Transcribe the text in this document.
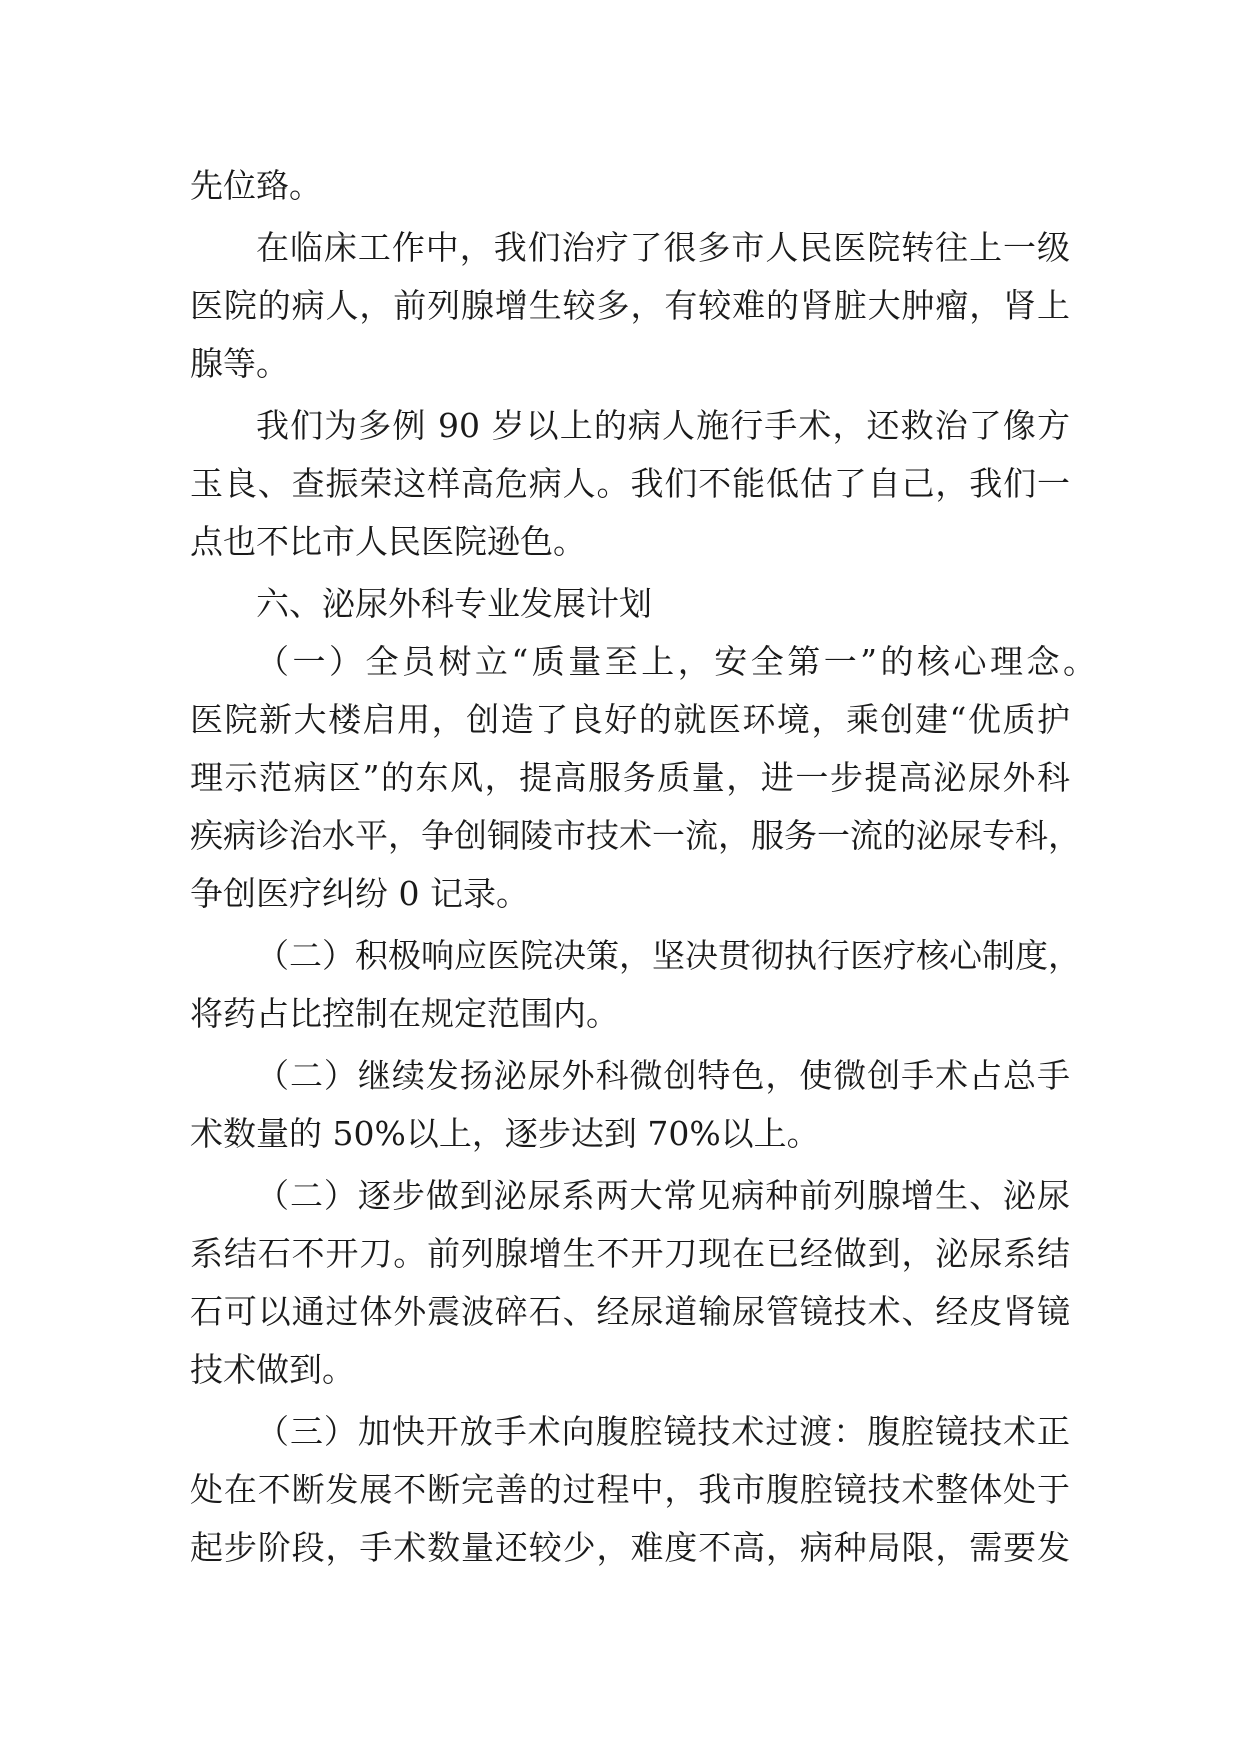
先位臵。
在临床工作中，我们治疗了很多市人民医院转往上一级
医院的病人，前列腺增生较多，有较难的肾脏大肿瘤，肾上
腺等。
我们为多例 90 岁以上的病人施行手术，还救治了像方
玉良、查振荣这样高危病人。我们不能低估了自己，我们一
点也不比市人民医院逊色。
六、泌尿外科专业发展计划
（一）全员树立“质量至上，安全第一”的核心理念。
医院新大楼启用，创造了良好的就医环境，乘创建“优质护
理示范病区”的东风，提高服务质量，进一步提高泌尿外科
疾病诊治水平，争创铜陵市技术一流，服务一流的泌尿专科，
争创医疗纠纷 0 记录。
（二）积极响应医院决策，坚决贯彻执行医疗核心制度，
将药占比控制在规定范围内。
（二）继续发扬泌尿外科微创特色，使微创手术占总手
术数量的 50%以上，逐步达到 70%以上。
（二）逐步做到泌尿系两大常见病种前列腺增生、泌尿
系结石不开刀。前列腺增生不开刀现在已经做到，泌尿系结
石可以通过体外震波碎石、经尿道输尿管镜技术、经皮肾镜
技术做到。
（三）加快开放手术向腹腔镜技术过渡：腹腔镜技术正
处在不断发展不断完善的过程中，我市腹腔镜技术整体处于
起步阶段，手术数量还较少，难度不高，病种局限，需要发
